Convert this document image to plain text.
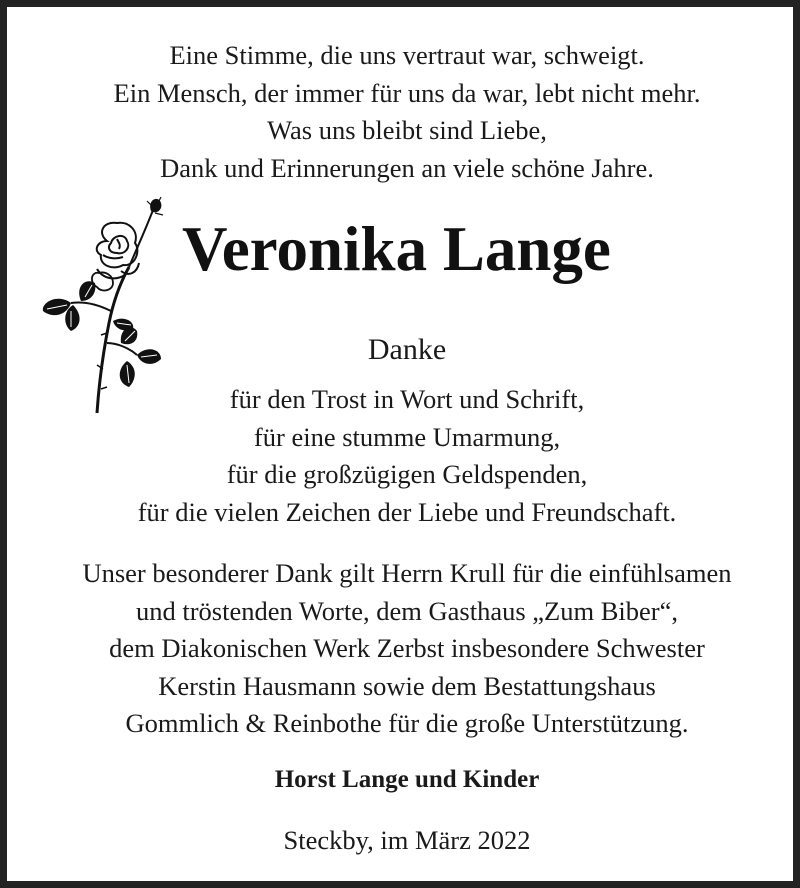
Eine Stimme, die uns vertraut war, schweigt.
Ein Mensch, der immer für uns da war, lebt nicht mehr.
Was uns bleibt sind Liebe,
Dank und Erinnerungen an viele schöne Jahre.
Veronika Lange
Danke
für den Trost in Wort und Schrift,
für eine stumme Umarmung,
für die großzügigen Geldspenden,
für die vielen Zeichen der Liebe und Freundschaft.
Unser besonderer Dank gilt Herrn Krull für die einfühlsamen
und tröstenden Worte, dem Gasthaus „Zum Biber“,
dem Diakonischen Werk Zerbst insbesondere Schwester
Kerstin Hausmann sowie dem Bestattungshaus
Gommlich & Reinbothe für die große Unterstützung.
Horst Lange und Kinder
Steckby, im März 2022
